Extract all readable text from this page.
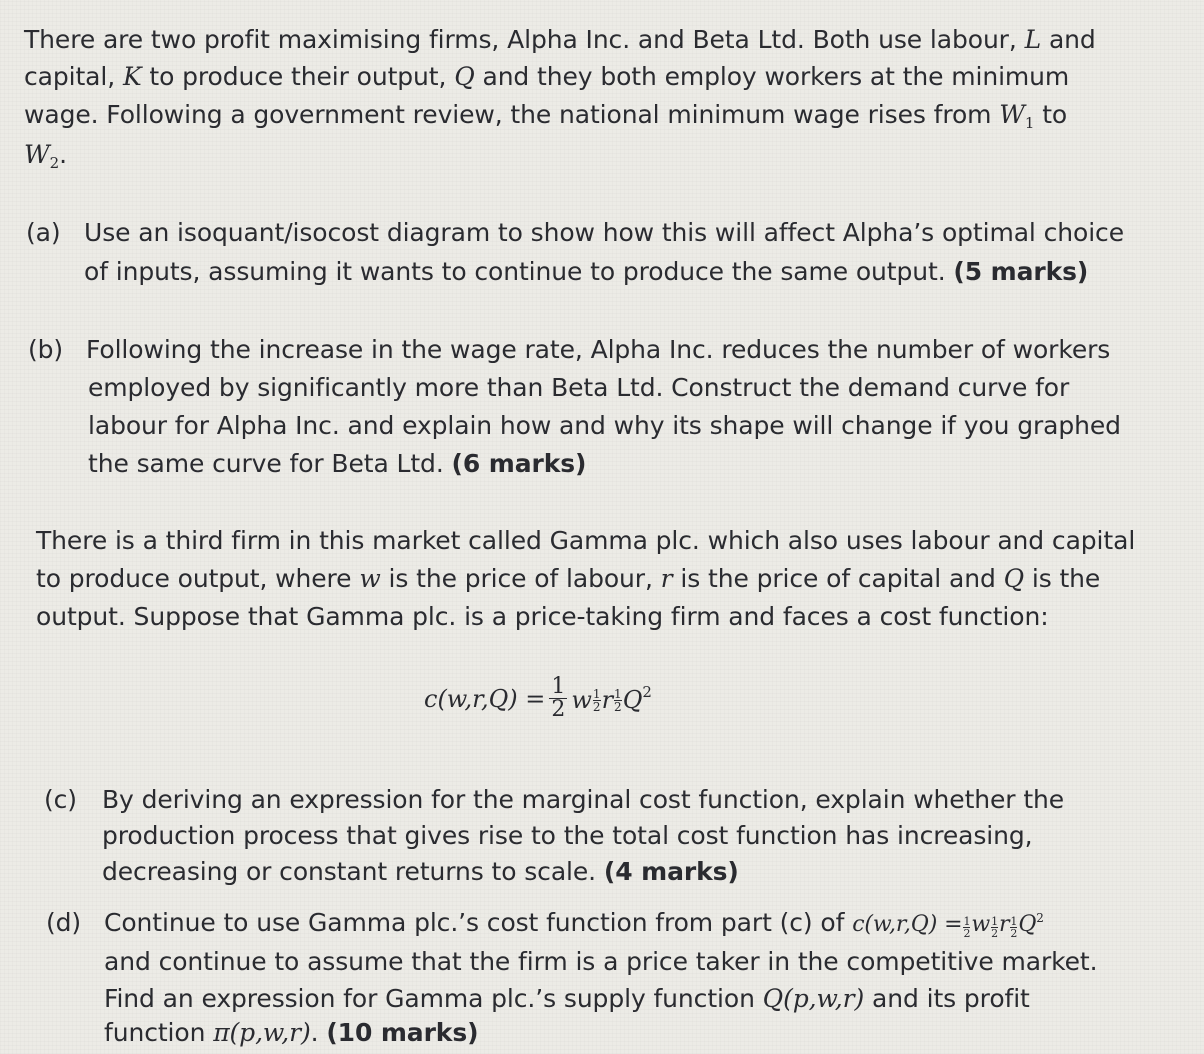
There are two profit maximising firms, Alpha Inc. and Beta Ltd. Both use labour, L and
capital, K to produce their output, Q and they both employ workers at the minimum
wage. Following a government review, the national minimum wage rises from $W_1$ to
$W_2$.
(a) Use an isoquant/isocost diagram to show how this will affect Alpha’s optimal choice
of inputs, assuming it wants to continue to produce the same output. (5 marks)
(b) Following the increase in the wage rate, Alpha Inc. reduces the number of workers
employed by significantly more than Beta Ltd. Construct the demand curve for
labour for Alpha Inc. and explain how and why its shape will change if you graphed
the same curve for Beta Ltd. (6 marks)
There is a third firm in this market called Gamma plc. which also uses labour and capital
to produce output, where w is the price of labour, r is the price of capital and Q is the
output. Suppose that Gamma plc. is a price-taking firm and faces a cost function:
$c(w,r,Q) = \frac{1}{2}$ w $\frac{1}{2}$ r $\frac{1}{2} Q^2$
(c) By deriving an expression for the marginal cost function, explain whether the
production process that gives rise to the total cost function has increasing,
decreasing or constant returns to scale. (4 marks)
(d) Continue to use Gamma plc.’s cost function from part (c) of $c(w,r,Q) = \frac{1}{2}$ w $\frac{1}{2}$ r $\frac{1}{2} Q^2$
and continue to assume that the firm is a price taker in the competitive market.
Find an expression for Gamma plc.’s supply function Q(p,w,r) and its profit
function π(p,w,r). (10 marks)
